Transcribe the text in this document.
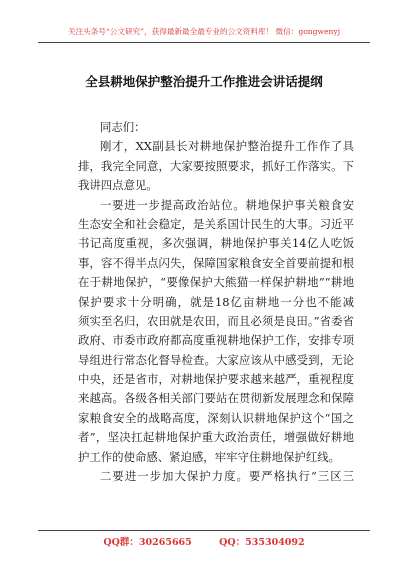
关注头条号“公文研究”，获得最新最全最专业的公文资料库！ 微信：gongwenyj
全县耕地保护整治提升工作推进会讲话提纲
同志们：
刚才，XX副县长对耕地保护整治提升工作作了具
排，我完全同意，大家要按照要求，抓好工作落实。下
我讲四点意见。
一要进一步提高政治站位。耕地保护事关粮食安
生态安全和社会稳定，是关系国计民生的大事。习近平
书记高度重视，多次强调，耕地保护事关14亿人吃饭
事，容不得半点闪失，保障国家粮食安全首要前提和根
在于耕地保护，“要像保护大熊猫一样保护耕地”“耕地
保护要求十分明确，就是18亿亩耕地一分也不能减
须实至名归，农田就是农田，而且必须是良田。”省委省
政府、市委市政府都高度重视耕地保护工作，安排专项
导组进行常态化督导检查。大家应该从中感受到，无论
中央，还是省市，对耕地保护要求越来越严，重视程度
来越高。各级各相关部门要站在贯彻新发展理念和保障
家粮食安全的战略高度，深刻认识耕地保护这个“国之
者”，坚决扛起耕地保护重大政治责任，增强做好耕地
护工作的使命感、紧迫感，牢牢守住耕地保护红线。
二要进一步加大保护力度。要严格执行“三区三
QQ群：30265665	QQ：535304092
